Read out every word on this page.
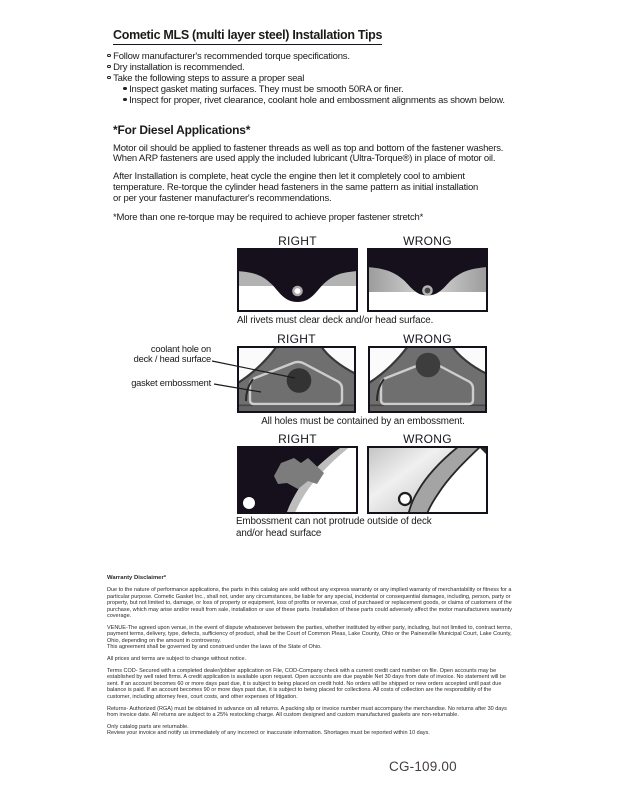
Cometic MLS (multi layer steel) Installation Tips
Follow manufacturer's recommended torque specifications.
Dry installation is recommended.
Take the following steps to assure a proper seal
Inspect gasket mating surfaces. They must be smooth 50RA or finer.
Inspect for proper, rivet clearance, coolant hole and embossment alignments as shown below.
*For Diesel Applications*
Motor oil should be applied to fastener threads as well as top and bottom of the fastener washers.
When ARP fasteners are used apply the included lubricant (Ultra-Torque®) in place of motor oil.
After Installation is complete, heat cycle the engine then let it completely cool to ambient
temperature. Re-torque the cylinder head fasteners in the same pattern as initial installation
or per your fastener manufacturer's recommendations.
*More than one re-torque may be required to achieve proper fastener stretch*
RIGHT	WRONG
All rivets must clear deck and/or head surface.
RIGHT	WRONG
All holes must be contained by an embossment.
coolant hole on
deck / head surface
gasket embossment
RIGHT	WRONG
Embossment can not protrude outside of deck
and/or head surface
Warranty Disclaimer*

Due to the nature of performance applications, the parts in this catalog are sold without any express warranty or any implied warranty of merchantability or fitness for a particular purpose. Cometic Gasket Inc., shall not, under any circumstances, be liable for any special, incidental or consequential damages, including, person, party or property, but not limited to, damage, or loss of property or equipment, loss of profits or revenue, cost of purchased or replacement goods, or claims of customers of the purchase, which may arise and/or result from sale, installation or use of these parts. Installation of these parts could adversely affect the motor manufacturers warranty coverage.

VENUE-The agreed upon venue, in the event of dispute whatsoever between the parties, whether instituted by either party, including, but not limited to, contract terms, payment terms, delivery, type, defects, sufficiency of product, shall be the Court of Common Pleas, Lake County, Ohio or the Painesville Municipal Court, Lake County, Ohio, depending on the amount in controversy.

This agreement shall be governed by and construed under the laws of the State of Ohio.

All prices and terms are subject to change without notice.

Terms COD- Secured with a completed dealer/jobber application on File, COD-Company check with a current credit card number on file. Open accounts may be established by well rated firms. A credit application is available upon request. Open accounts are due payable Net 30 days from date of invoice. No statement will be sent. If an account becomes 60 or more days past due, it is subject to being placed on credit hold. No orders will be shipped or new orders accepted until past due balance is paid. If an account becomes 90 or more days past due, it is subject to being placed for collections. All costs of collection are the responsibility of the customer, including attorney fees, court costs, and other expenses of litigation.

Returns- Authorized (RGA) must be obtained in advance on all returns. A packing slip or invoice number must accompany the merchandise. No returns after 30 days from invoice date. All returns are subject to a 25% restocking charge. All custom designed and custom manufactured gaskets are non-returnable.

Only catalog parts are returnable.

Review your invoice and notify us immediately of any incorrect or inaccurate information. Shortages must be reported within 10 days.

CG-109.00
